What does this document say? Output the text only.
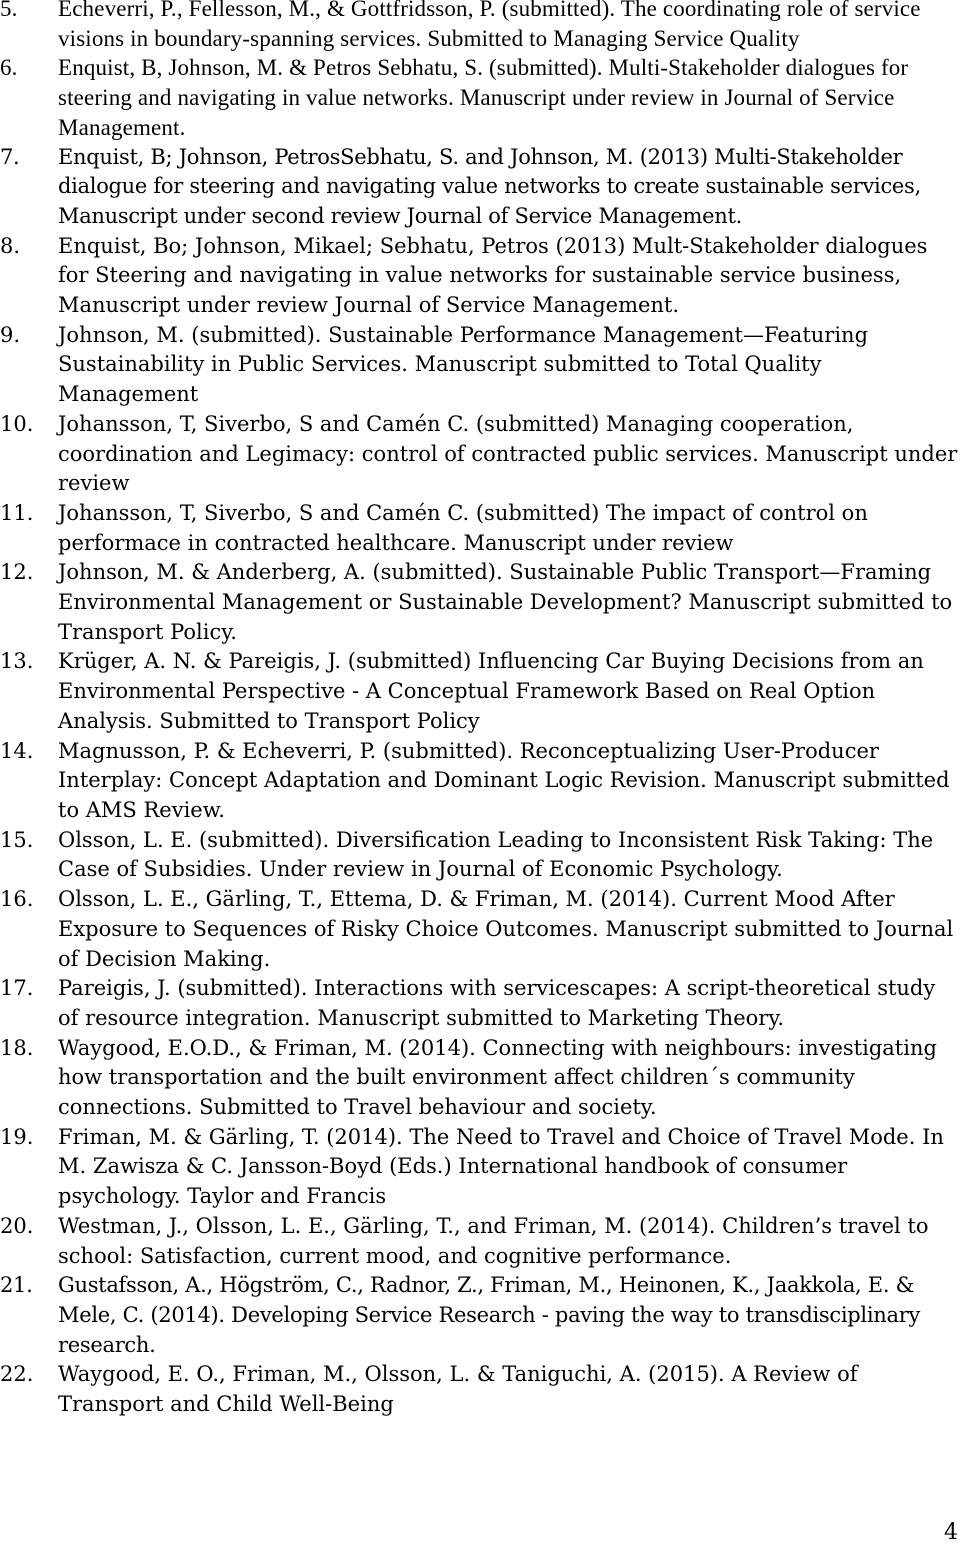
5.	Echeverri, P., Fellesson, M., & Gottfridsson, P. (submitted). The coordinating role of service visions in boundary-spanning services. Submitted to Managing Service Quality
6.	Enquist, B, Johnson, M. & Petros Sebhatu, S. (submitted). Multi-Stakeholder dialogues for steering and navigating in value networks. Manuscript under review in Journal of Service Management.
7.	Enquist, B; Johnson, PetrosSebhatu, S. and Johnson, M. (2013) Multi-Stakeholder dialogue for steering and navigating value networks to create sustainable services, Manuscript under second review Journal of Service Management.
8.	Enquist, Bo; Johnson, Mikael; Sebhatu, Petros (2013) Mult-Stakeholder dialogues for Steering and navigating in value networks for sustainable service business, Manuscript under review Journal of Service Management.
9.	Johnson, M. (submitted). Sustainable Performance Management—Featuring Sustainability in Public Services. Manuscript submitted to Total Quality Management
10.	Johansson, T, Siverbo, S and Camén C. (submitted) Managing cooperation, coordination and Legimacy: control of contracted public services. Manuscript under review
11.	Johansson, T, Siverbo, S and Camén C. (submitted) The impact of control on performace in contracted healthcare. Manuscript under review
12.	Johnson, M. & Anderberg, A. (submitted). Sustainable Public Transport—Framing Environmental Management or Sustainable Development? Manuscript submitted to Transport Policy.
13.	Krüger, A. N. & Pareigis, J. (submitted) Influencing Car Buying Decisions from an Environmental Perspective - A Conceptual Framework Based on Real Option Analysis. Submitted to Transport Policy
14.	Magnusson, P. & Echeverri, P. (submitted). Reconceptualizing User-Producer Interplay: Concept Adaptation and Dominant Logic Revision. Manuscript submitted to AMS Review.
15.	Olsson, L. E. (submitted). Diversification Leading to Inconsistent Risk Taking: The Case of Subsidies. Under review in Journal of Economic Psychology.
16.	Olsson, L. E., Gärling, T., Ettema, D. & Friman, M. (2014). Current Mood After Exposure to Sequences of Risky Choice Outcomes. Manuscript submitted to Journal of Decision Making.
17.	Pareigis, J. (submitted). Interactions with servicescapes: A script-theoretical study of resource integration. Manuscript submitted to Marketing Theory.
18.	Waygood, E.O.D., & Friman, M. (2014). Connecting with neighbours: investigating how transportation and the built environment affect children´s community connections. Submitted to Travel behaviour and society.
19.	Friman, M. & Gärling, T. (2014). The Need to Travel and Choice of Travel Mode. In M. Zawisza & C. Jansson-Boyd (Eds.) International handbook of consumer psychology. Taylor and Francis
20.	Westman, J., Olsson, L. E., Gärling, T., and Friman, M. (2014). Children’s travel to school: Satisfaction, current mood, and cognitive performance.
21.	Gustafsson, A., Högström, C., Radnor, Z., Friman, M., Heinonen, K., Jaakkola, E. & Mele, C. (2014). Developing Service Research - paving the way to transdisciplinary research.
22.	Waygood, E. O., Friman, M., Olsson, L. & Taniguchi, A. (2015). A Review of Transport and Child Well-Being
4
